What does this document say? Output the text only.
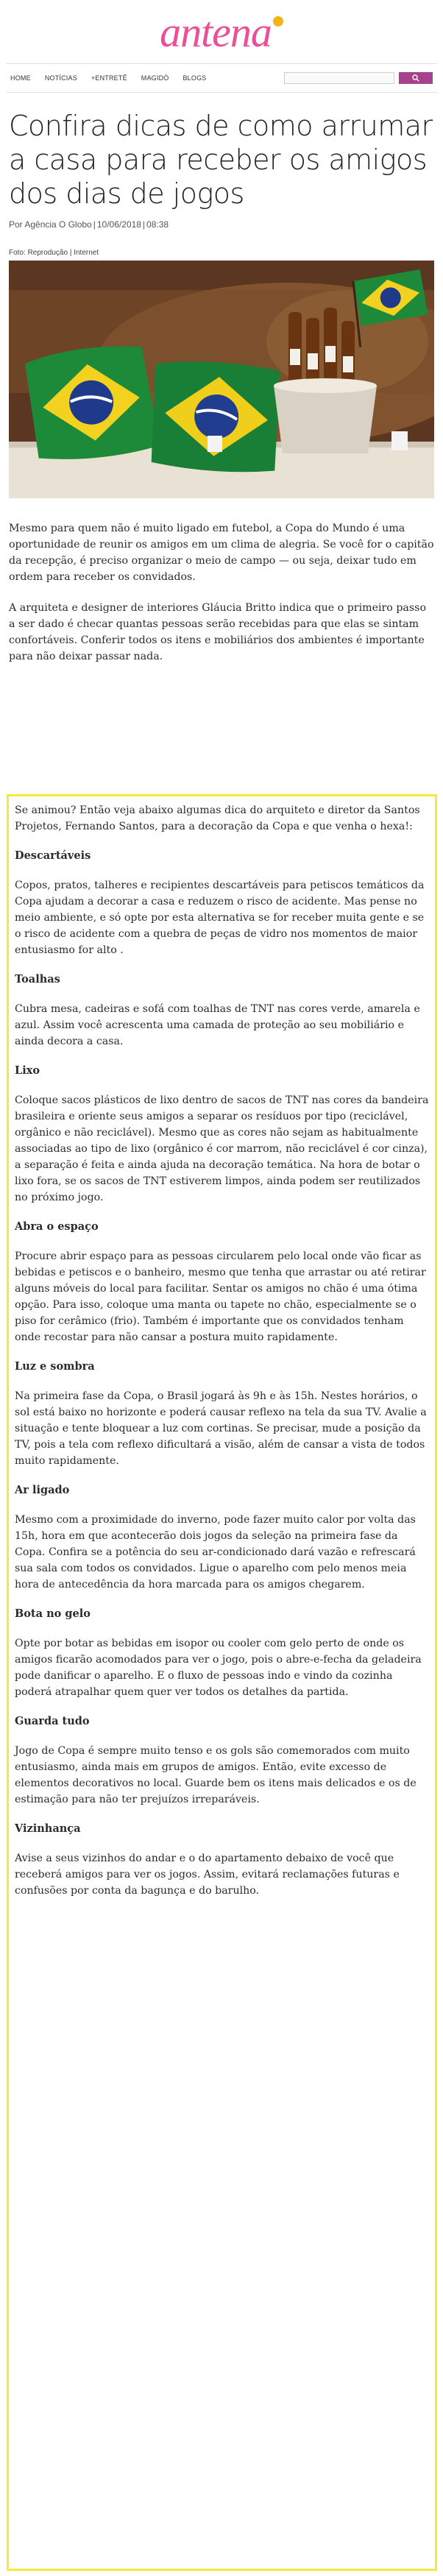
antena
HOME NOTÍCIAS +ENTRETÊ MAGIDÓ BLOGS
Confira dicas de como arrumar a casa para receber os amigos dos dias de jogos
Por Agência O Globo | 10/06/2018 | 08:38
Foto: Reprodução | Internet

Mesmo para quem não é muito ligado em futebol, a Copa do Mundo é uma oportunidade de reunir os amigos em um clima de alegria. Se você for o capitão da recepção, é preciso organizar o meio de campo — ou seja, deixar tudo em ordem para receber os convidados.

A arquiteta e designer de interiores Gláucia Britto indica que o primeiro passo a ser dado é checar quantas pessoas serão recebidas para que elas se sintam confortáveis. Conferir todos os itens e mobiliários dos ambientes é importante para não deixar passar nada.

Se animou? Então veja abaixo algumas dica do arquiteto e diretor da Santos Projetos, Fernando Santos, para a decoração da Copa e que venha o hexa!:

Descartáveis

Copos, pratos, talheres e recipientes descartáveis para petiscos temáticos da Copa ajudam a decorar a casa e reduzem o risco de acidente. Mas pense no meio ambiente, e só opte por esta alternativa se for receber muita gente e se o risco de acidente com a quebra de peças de vidro nos momentos de maior entusiasmo for alto .

Toalhas

Cubra mesa, cadeiras e sofá com toalhas de TNT nas cores verde, amarela e azul. Assim você acrescenta uma camada de proteção ao seu mobiliário e ainda decora a casa.

Lixo

Coloque sacos plásticos de lixo dentro de sacos de TNT nas cores da bandeira brasileira e oriente seus amigos a separar os resíduos por tipo (reciclável, orgânico e não reciclável). Mesmo que as cores não sejam as habitualmente associadas ao tipo de lixo (orgânico é cor marrom, não reciclável é cor cinza), a separação é feita e ainda ajuda na decoração temática. Na hora de botar o lixo fora, se os sacos de TNT estiverem limpos, ainda podem ser reutilizados no próximo jogo.

Abra o espaço

Procure abrir espaço para as pessoas circularem pelo local onde vão ficar as bebidas e petiscos e o banheiro, mesmo que tenha que arrastar ou até retirar alguns móveis do local para facilitar. Sentar os amigos no chão é uma ótima opção. Para isso, coloque uma manta ou tapete no chão, especialmente se o piso for cerâmico (frio). Também é importante que os convidados tenham onde recostar para não cansar a postura muito rapidamente.

Luz e sombra

Na primeira fase da Copa, o Brasil jogará às 9h e às 15h. Nestes horários, o sol está baixo no horizonte e poderá causar reflexo na tela da sua TV. Avalie a situação e tente bloquear a luz com cortinas. Se precisar, mude a posição da TV, pois a tela com reflexo dificultará a visão, além de cansar a vista de todos muito rapidamente.

Ar ligado

Mesmo com a proximidade do inverno, pode fazer muito calor por volta das 15h, hora em que acontecerão dois jogos da seleção na primeira fase da Copa. Confira se a potência do seu ar-condicionado dará vazão e refrescará sua sala com todos os convidados. Ligue o aparelho com pelo menos meia hora de antecedência da hora marcada para os amigos chegarem.

Bota no gelo

Opte por botar as bebidas em isopor ou cooler com gelo perto de onde os amigos ficarão acomodados para ver o jogo, pois o abre-e-fecha da geladeira pode danificar o aparelho. E o fluxo de pessoas indo e vindo da cozinha poderá atrapalhar quem quer ver todos os detalhes da partida.

Guarda tudo

Jogo de Copa é sempre muito tenso e os gols são comemorados com muito entusiasmo, ainda mais em grupos de amigos. Então, evite excesso de elementos decorativos no local. Guarde bem os itens mais delicados e os de estimação para não ter prejuízos irreparáveis.

Vizinhança

Avise a seus vizinhos do andar e o do apartamento debaixo de você que receberá amigos para ver os jogos. Assim, evitará reclamações futuras e confusões por conta da bagunça e do barulho.
